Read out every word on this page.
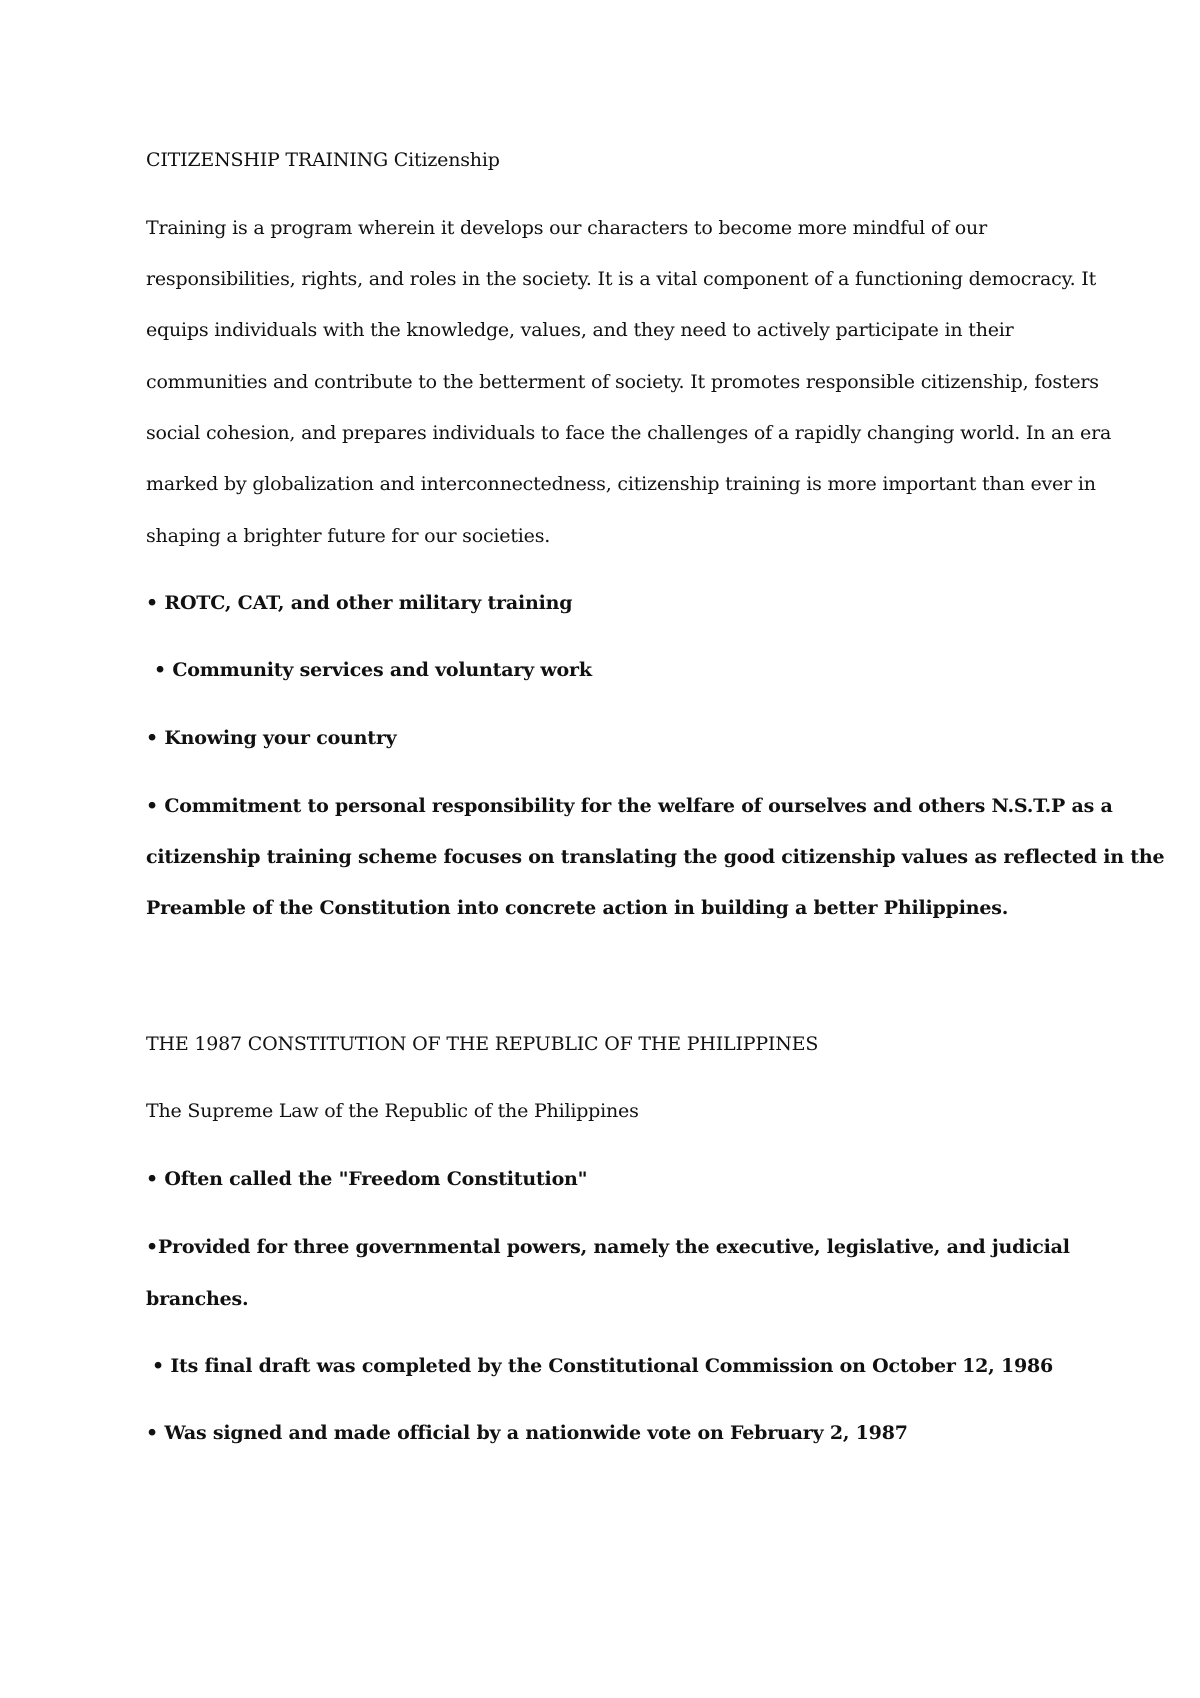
CITIZENSHIP TRAINING Citizenship
Training is a program wherein it develops our characters to become more mindful of our
responsibilities, rights, and roles in the society. It is a vital component of a functioning democracy. It
equips individuals with the knowledge, values, and they need to actively participate in their
communities and contribute to the betterment of society. It promotes responsible citizenship, fosters
social cohesion, and prepares individuals to face the challenges of a rapidly changing world. In an era
marked by globalization and interconnectedness, citizenship training is more important than ever in
shaping a brighter future for our societies.
• ROTC, CAT, and other military training
• Community services and voluntary work
• Knowing your country
• Commitment to personal responsibility for the welfare of ourselves and others N.S.T.P as a
citizenship training scheme focuses on translating the good citizenship values as reflected in the
Preamble of the Constitution into concrete action in building a better Philippines.
THE 1987 CONSTITUTION OF THE REPUBLIC OF THE PHILIPPINES
The Supreme Law of the Republic of the Philippines
• Often called the "Freedom Constitution"
•Provided for three governmental powers, namely the executive, legislative, and judicial
branches.
• Its final draft was completed by the Constitutional Commission on October 12, 1986
• Was signed and made official by a nationwide vote on February 2, 1987
